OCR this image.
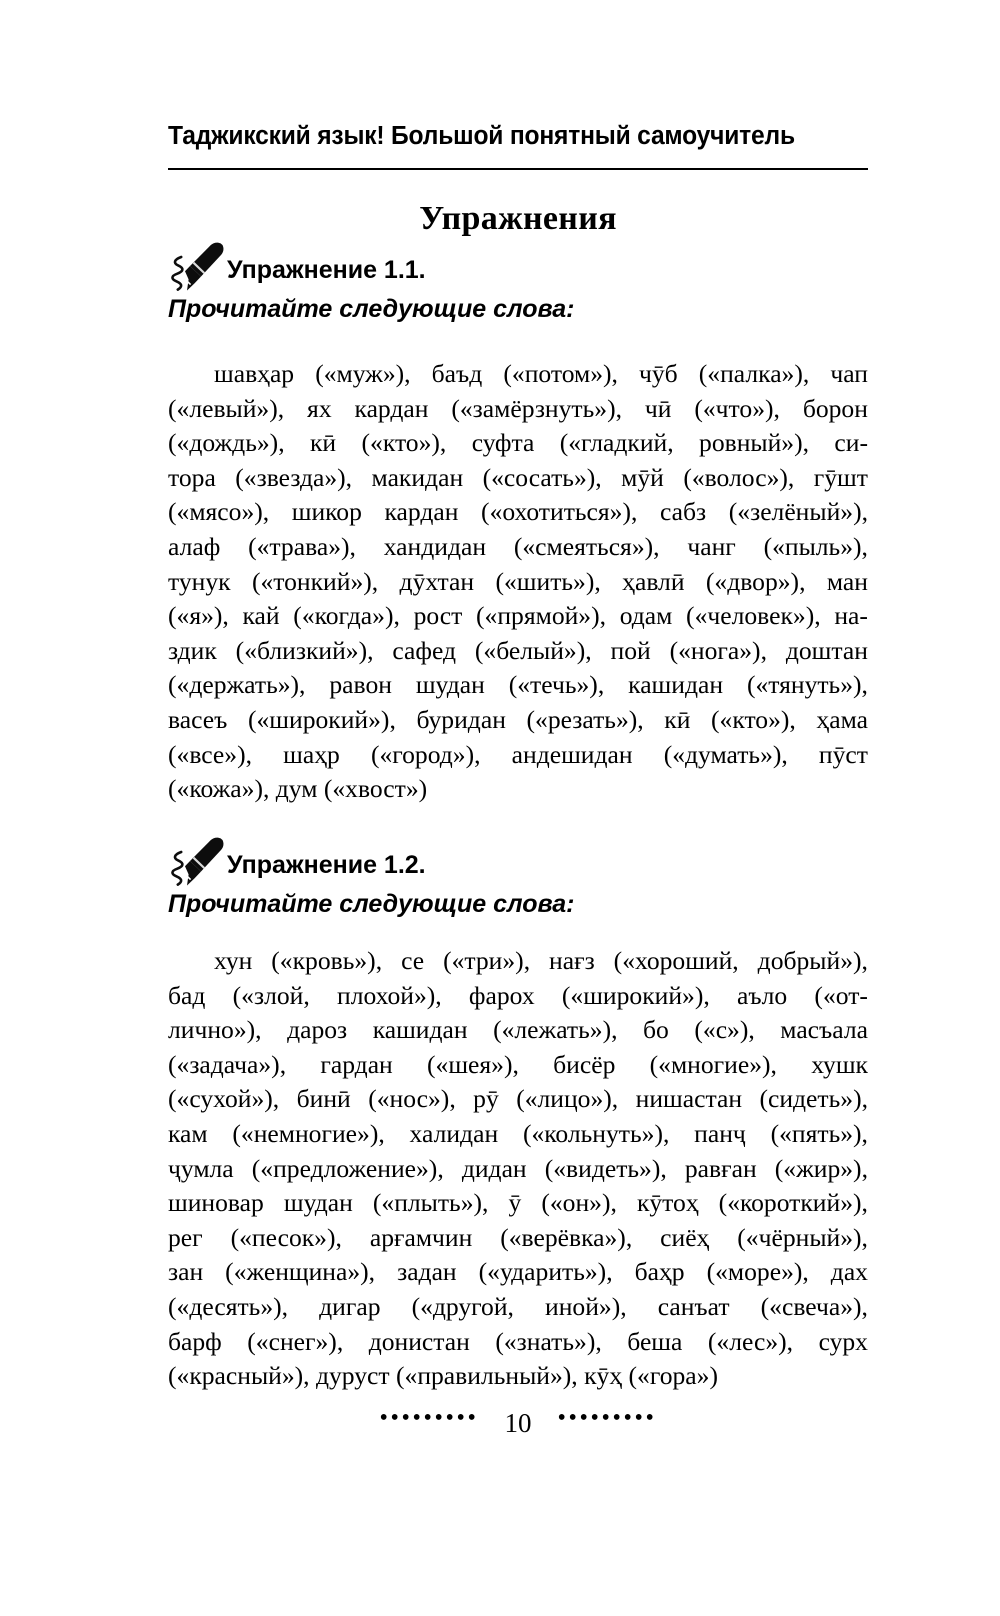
Таджикский язык! Большой понятный самоучитель
Упражнения
Упражнение 1.1.
Прочитайте следующие слова:
шавҳар («муж»), баъд («потом»), чӯб («палка»), чап
(«левый»), ях кардан («замёрзнуть»), чӣ («что»), борон
(«дождь»), кӣ («кто»), суфта («гладкий, ровный»), си-
тора («звезда»), макидан («сосать»), мӯй («волос»), гӯшт
(«мясо»), шикор кардан («охотиться»), сабз («зелёный»),
алаф («трава»), хандидан («смеяться»), чанг («пыль»),
тунук («тонкий»), дӯхтан («шить»), ҳавлӣ («двор»), ман
(«я»), кай («когда»), рост («прямой»), одам («человек»), на-
здик («близкий»), сафед («белый»), пой («нога»), доштан
(«держать»), равон шудан («течь»), кашидан («тянуть»),
васеъ («широкий»), буридан («резать»), кӣ («кто»), ҳама
(«все»), шаҳр («город»), андешидан («думать»), пӯст
(«кожа»), дум («хвост»)
Упражнение 1.2.
Прочитайте следующие слова:
хун («кровь»), се («три»), нағз («хороший, добрый»),
бад («злой, плохой»), фарох («широкий»), аъло («от-
лично»), дароз кашидан («лежать»), бо («с»), масъала
(«задача»), гардан («шея»), бисёр («многие»), хушк
(«сухой»), бинӣ («нос»), рӯ («лицо»), нишастан (сидеть»),
кам («немногие»), халидан («кольнуть»), панҷ («пять»),
ҷумла («предложение»), дидан («видеть»), равған («жир»),
шиновар шудан («плыть»), ӯ («он»), кӯтоҳ («короткий»),
рег («песок»), арғамчин («верёвка»), сиёҳ («чёрный»),
зан («женщина»), задан («ударить»), баҳр («море»), дах
(«десять»), дигар («другой, иной»), санъат («свеча»),
барф («снег»), донистан («знать»), беша («лес»), сурх
(«красный»), дуруст («правильный»), кӯҳ («гора»)
••••••••• 10 •••••••••
